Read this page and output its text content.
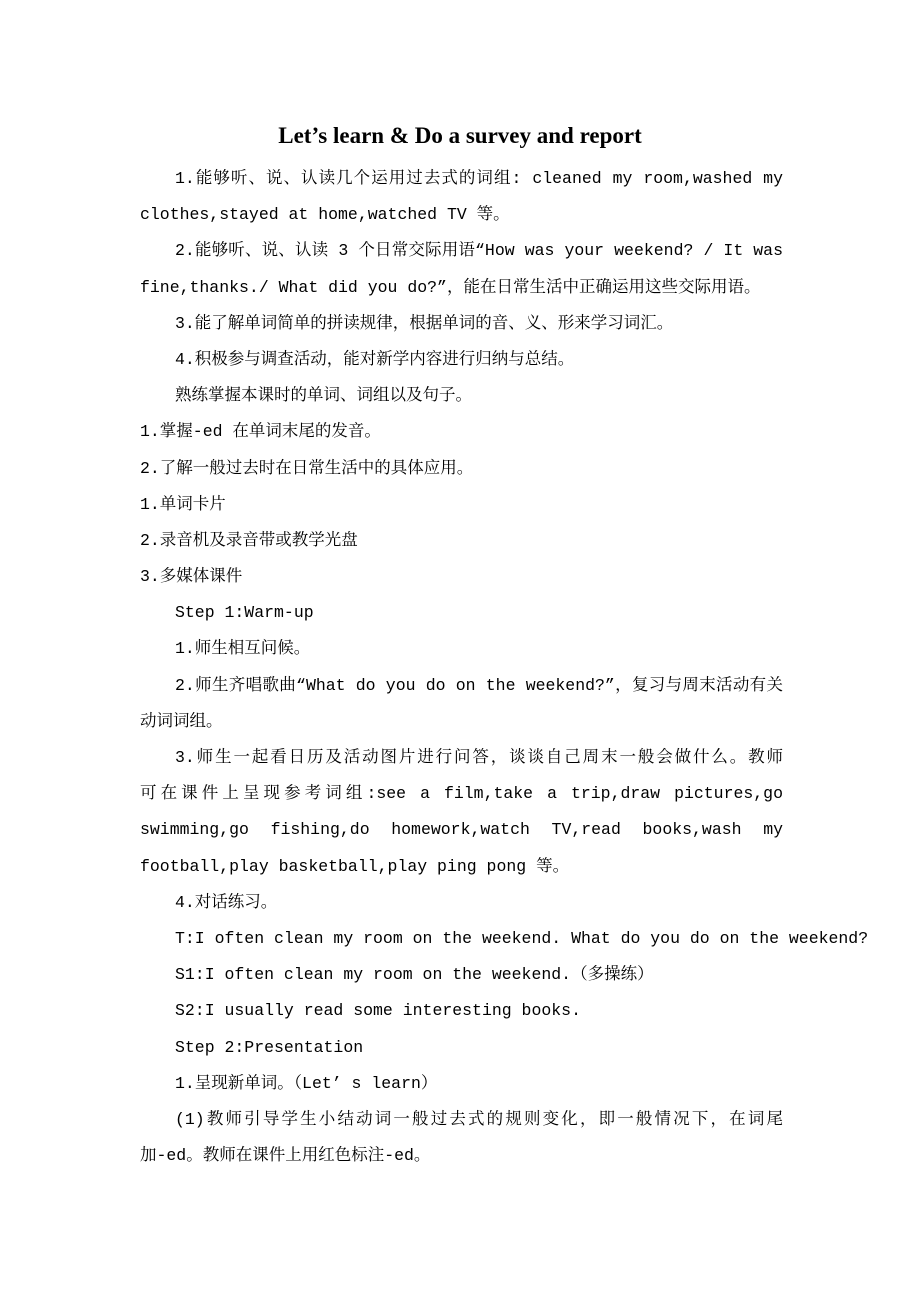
Let’s learn & Do a survey and report
1.能够听、说、认读几个运用过去式的词组: cleaned my room,washed my
clothes,stayed at home,watched TV 等。
2.能够听、说、认读 3 个日常交际用语“How was your weekend? / It was
fine,thanks./ What did you do?”，能在日常生活中正确运用这些交际用语。
3.能了解单词简单的拼读规律，根据单词的音、义、形来学习词汇。
4.积极参与调查活动，能对新学内容进行归纳与总结。
熟练掌握本课时的单词、词组以及句子。
1.掌握-ed 在单词末尾的发音。
2.了解一般过去时在日常生活中的具体应用。
1.单词卡片
2.录音机及录音带或教学光盘
3.多媒体课件
Step 1:Warm-up
1.师生相互问候。
2.师生齐唱歌曲“What do you do on the weekend?”，复习与周末活动有关
动词词组。
3.师生一起看日历及活动图片进行问答，谈谈自己周末一般会做什么。教师
可在课件上呈现参考词组:see a film,take a trip,draw pictures,go
swimming,go fishing,do homework,watch TV,read books,wash my
football,play basketball,play ping pong 等。
4.对话练习。
T:I often clean my room on the weekend. What do you do on the weekend?
S1:I often clean my room on the weekend.（多操练）
S2:I usually read some interesting books.
Step 2:Presentation
1.呈现新单词。（Let’ s learn）
(1)教师引导学生小结动词一般过去式的规则变化，即一般情况下，在词尾
加-ed。教师在课件上用红色标注-ed。
